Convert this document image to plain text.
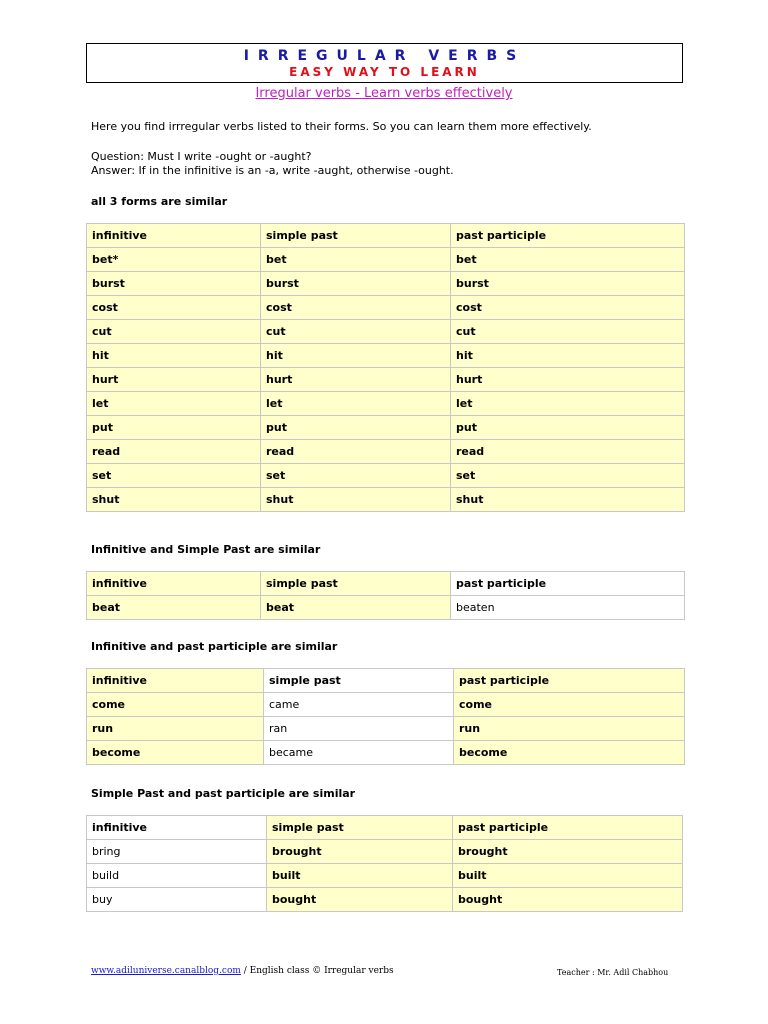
IRREGULAR VERBS
EASY WAY TO LEARN
Irregular verbs - Learn verbs effectively
Here you find irrregular verbs listed to their forms. So you can learn them more effectively.
Question: Must I write -ought or -aught?
Answer: If in the infinitive is an -a, write -aught, otherwise -ought.
all 3 forms are similar
infinitive	simple past	past participle
bet*	bet	bet
burst	burst	burst
cost	cost	cost
cut	cut	cut
hit	hit	hit
hurt	hurt	hurt
let	let	let
put	put	put
read	read	read
set	set	set
shut	shut	shut
Infinitive and Simple Past are similar
infinitive	simple past	past participle
beat	beat	beaten
Infinitive and past participle are similar
infinitive	simple past	past participle
come	came	come
run	ran	run
become	became	become
Simple Past and past participle are similar
infinitive	simple past	past participle
bring	brought	brought
build	built	built
buy	bought	bought
www.adiluniverse.canalblog.com / English class © Irregular verbs	Teacher : Mr. Adil Chabhou
